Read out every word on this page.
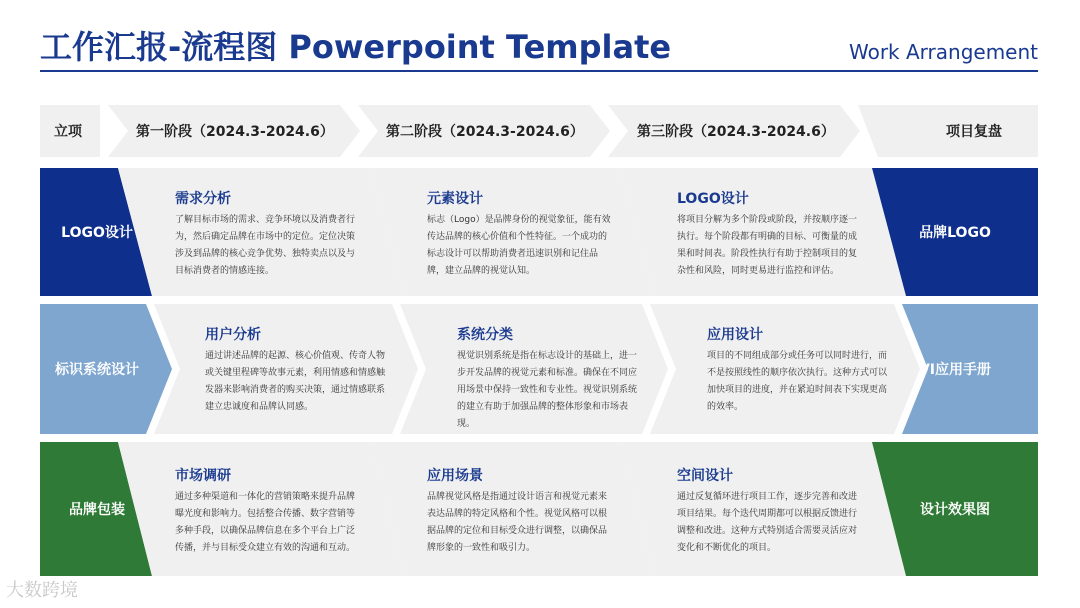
工作汇报-流程图 Powerpoint Template	Work Arrangement
立项	第一阶段（2024.3-2024.6）	第二阶段（2024.3-2024.6）	第三阶段（2024.3-2024.6）	项目复盘
LOGO设计	品牌LOGO
需求分析
了解目标市场的需求、竞争环境以及消费者行为，然后确定品牌在市场中的定位。定位决策涉及到品牌的核心竞争优势、独特卖点以及与目标消费者的情感连接。
元素设计
标志（Logo）是品牌身份的视觉象征，能有效传达品牌的核心价值和个性特征。一个成功的标志设计可以帮助消费者迅速识别和记住品牌，建立品牌的视觉认知。
LOGO设计
将项目分解为多个阶段或阶段，并按顺序逐一执行。每个阶段都有明确的目标、可衡量的成果和时间表。阶段性执行有助于控制项目的复杂性和风险，同时更易进行监控和评估。
标识系统设计	VI应用手册
用户分析
通过讲述品牌的起源、核心价值观、传奇人物或关键里程碑等故事元素，利用情感和情感触发器来影响消费者的购买决策，通过情感联系建立忠诚度和品牌认同感。
系统分类
视觉识别系统是指在标志设计的基础上，进一步开发品牌的视觉元素和标准。确保在不同应用场景中保持一致性和专业性。视觉识别系统的建立有助于加强品牌的整体形象和市场表现。
应用设计
项目的不同组成部分或任务可以同时进行，而不是按照线性的顺序依次执行。这种方式可以加快项目的进度，并在紧迫时间表下实现更高的效率。
品牌包装	设计效果图
市场调研
通过多种渠道和一体化的营销策略来提升品牌曝光度和影响力。包括整合传播、数字营销等多种手段，以确保品牌信息在多个平台上广泛传播，并与目标受众建立有效的沟通和互动。
应用场景
品牌视觉风格是指通过设计语言和视觉元素来表达品牌的特定风格和个性。视觉风格可以根据品牌的定位和目标受众进行调整，以确保品牌形象的一致性和吸引力。
空间设计
通过反复循环进行项目工作，逐步完善和改进项目结果。每个迭代周期都可以根据反馈进行调整和改进。这种方式特别适合需要灵活应对变化和不断优化的项目。
大数跨境
